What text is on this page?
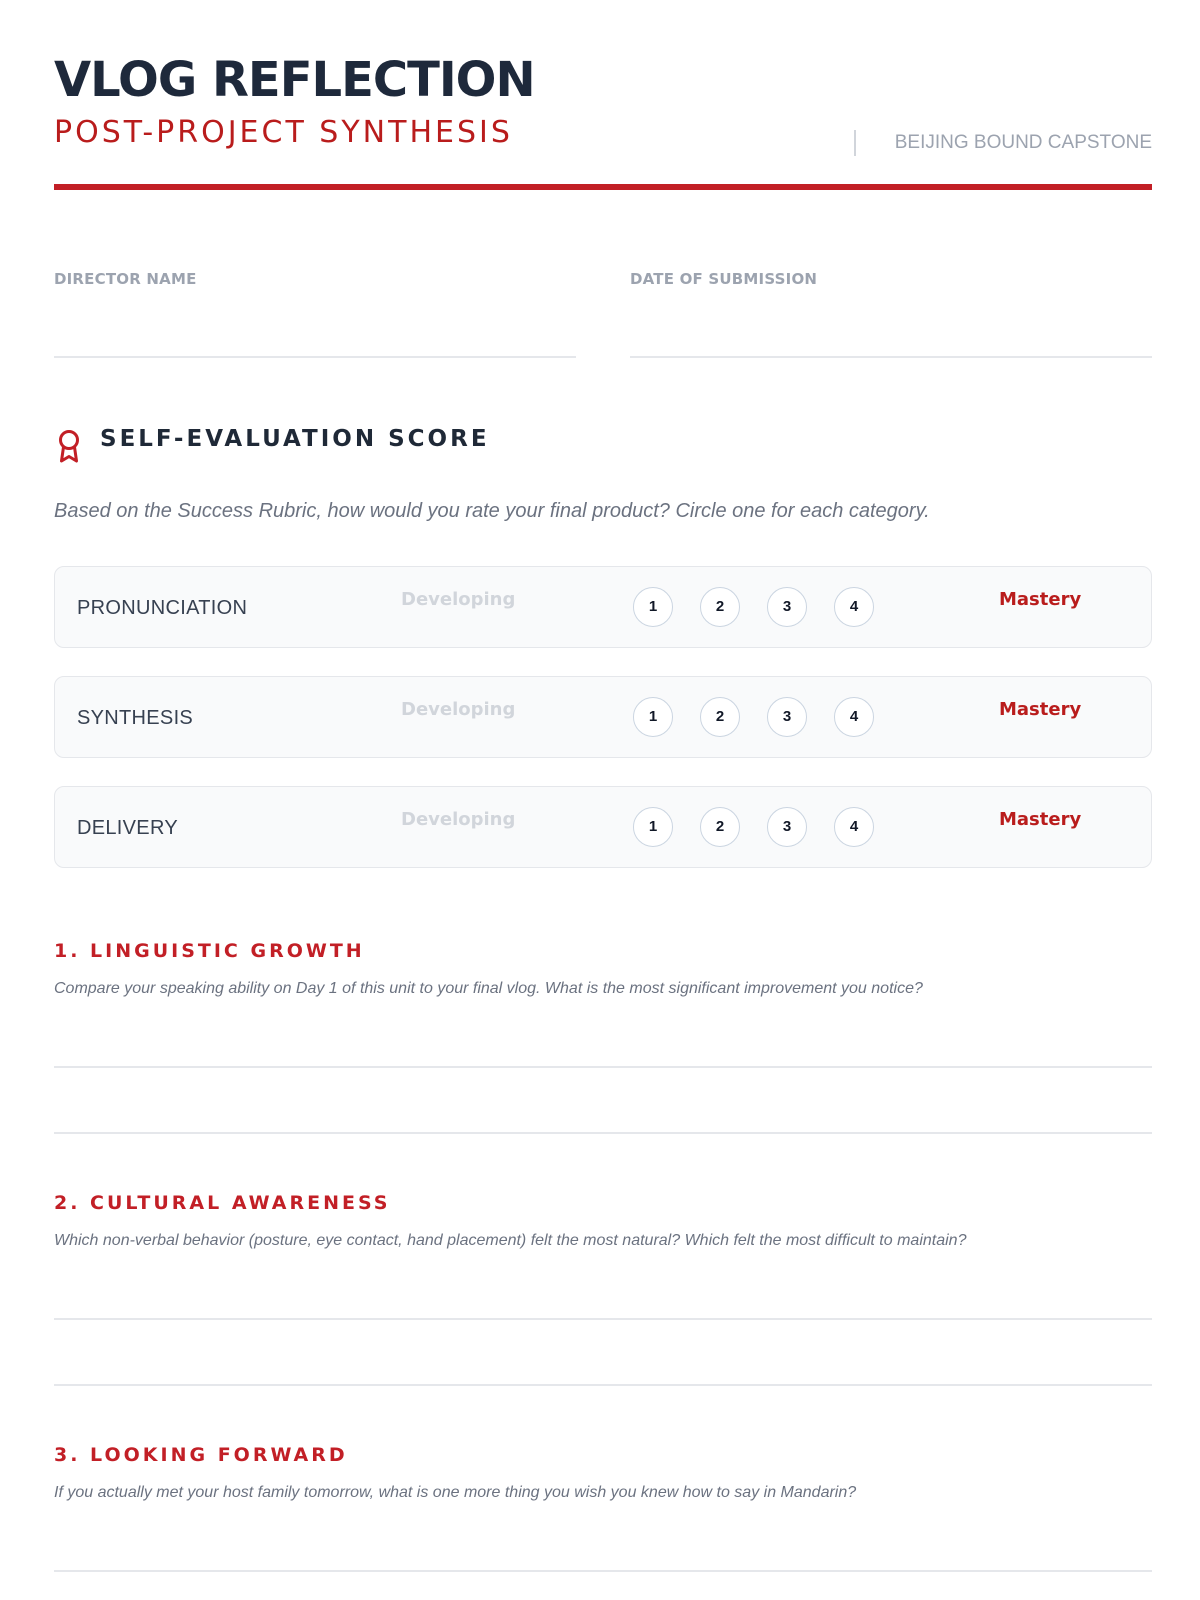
VLOG REFLECTION
POST-PROJECT SYNTHESIS	BEIJING BOUND CAPSTONE
DIRECTOR NAME	DATE OF SUBMISSION
SELF-EVALUATION SCORE
Based on the Success Rubric, how would you rate your final product? Circle one for each category.
PRONUNCIATION	Developing	1	2	3	4	Mastery
SYNTHESIS	Developing	1	2	3	4	Mastery
DELIVERY	Developing	1	2	3	4	Mastery
1. LINGUISTIC GROWTH
Compare your speaking ability on Day 1 of this unit to your final vlog. What is the most significant improvement you notice?
2. CULTURAL AWARENESS
Which non-verbal behavior (posture, eye contact, hand placement) felt the most natural? Which felt the most difficult to maintain?
3. LOOKING FORWARD
If you actually met your host family tomorrow, what is one more thing you wish you knew how to say in Mandarin?
